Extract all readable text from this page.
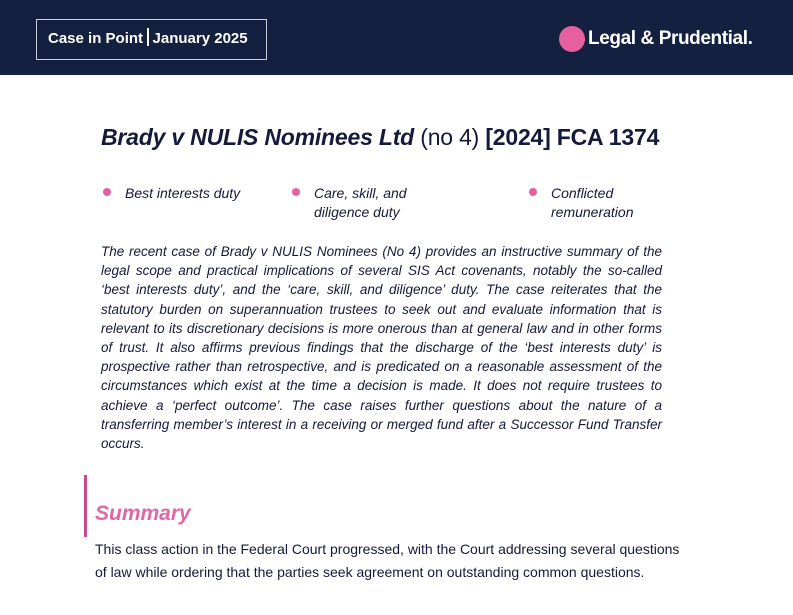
Case in Point January 2025	Legal & Prudential.
Brady v NULIS Nominees Ltd (no 4) [2024] FCA 1374
Best interests duty	Care, skill, and diligence duty
Conflicted remuneration

The recent case of Brady v NULIS Nominees (No 4) provides an instructive summary of the legal scope and practical implications of several SIS Act covenants, notably the so-called ‘best interests duty’, and the ‘care, skill, and diligence’ duty. The case reiterates that the statutory burden on superannuation trustees to seek out and evaluate information that is relevant to its discretionary decisions is more onerous than at general law and in other forms of trust. It also affirms previous findings that the discharge of the ‘best interests duty’ is prospective rather than retrospective, and is predicated on a reasonable assessment of the circumstances which exist at the time a decision is made. It does not require trustees to achieve a ‘perfect outcome’. The case raises further questions about the nature of a transferring member’s interest in a receiving or merged fund after a Successor Fund Transfer occurs.

Summary

This class action in the Federal Court progressed, with the Court addressing several questions of law while ordering that the parties seek agreement on outstanding common questions.
